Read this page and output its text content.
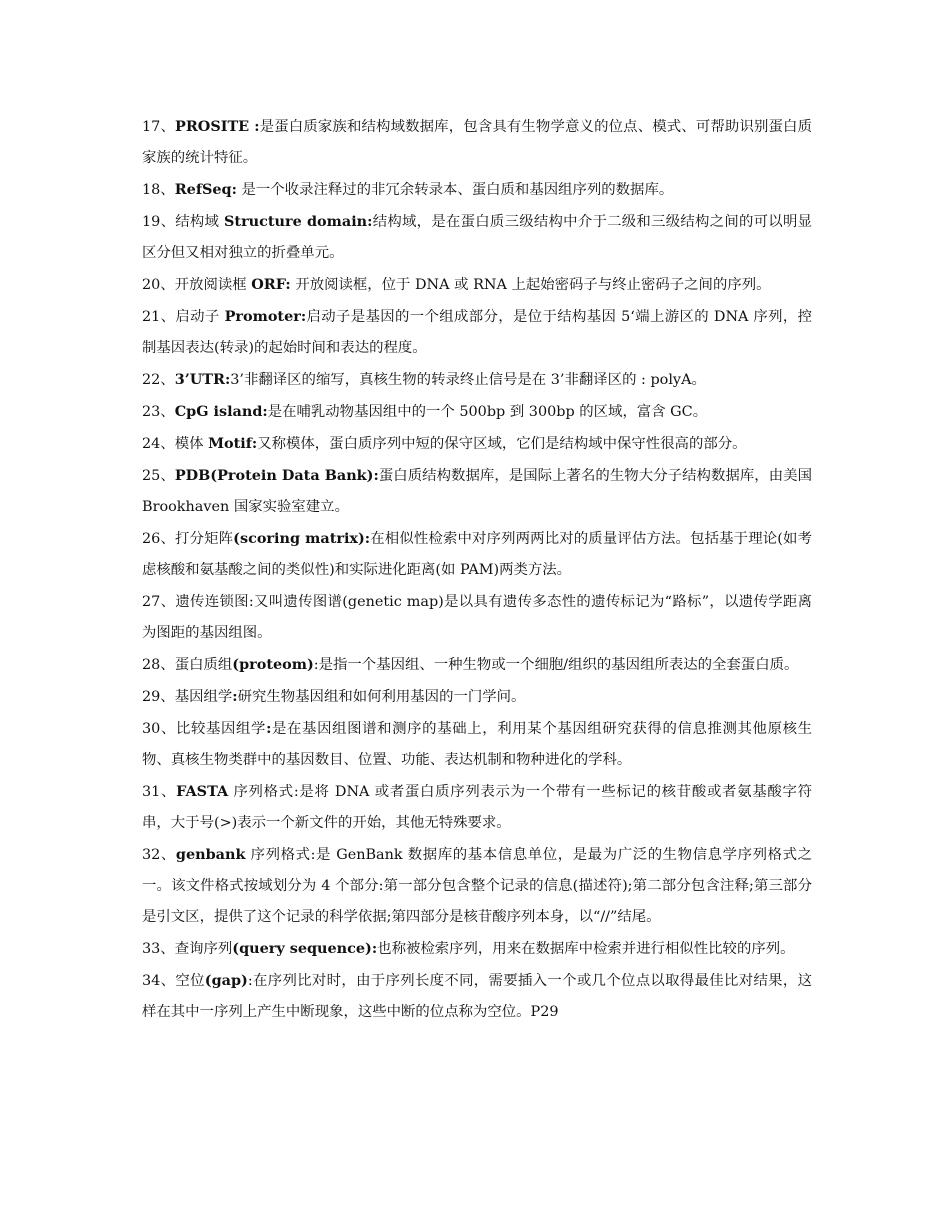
17、PROSITE :是蛋白质家族和结构域数据库，包含具有生物学意义的位点、模式、可帮助识别蛋白质家族的统计特征。

18、RefSeq: 是一个收录注释过的非冗余转录本、蛋白质和基因组序列的数据库。

19、结构域 Structure domain:结构域，是在蛋白质三级结构中介于二级和三级结构之间的可以明显区分但又相对独立的折叠单元。

20、开放阅读框 ORF: 开放阅读框，位于 DNA 或 RNA 上起始密码子与终止密码子之间的序列。

21、启动子 Promoter:启动子是基因的一个组成部分，是位于结构基因 5‘端上游区的 DNA 序列，控制基因表达(转录)的起始时间和表达的程度。

22、3’UTR:3’非翻译区的缩写，真核生物的转录终止信号是在 3’非翻译区的 : polyA。

23、CpG island:是在哺乳动物基因组中的一个 500bp 到 300bp 的区域，富含 GC。

24、模体 Motif:又称模体，蛋白质序列中短的保守区域，它们是结构域中保守性很高的部分。

25、PDB(Protein Data Bank):蛋白质结构数据库，是国际上著名的生物大分子结构数据库，由美国 Brookhaven 国家实验室建立。

26、打分矩阵(scoring matrix):在相似性检索中对序列两两比对的质量评估方法。包括基于理论(如考虑核酸和氨基酸之间的类似性)和实际进化距离(如 PAM)两类方法。

27、遗传连锁图:又叫遗传图谱(genetic map)是以具有遗传多态性的遗传标记为“路标”，以遗传学距离为图距的基因组图。

28、蛋白质组(proteom):是指一个基因组、一种生物或一个细胞/组织的基因组所表达的全套蛋白质。

29、基因组学:研究生物基因组和如何利用基因的一门学问。

30、比较基因组学:是在基因组图谱和测序的基础上，利用某个基因组研究获得的信息推测其他原核生物、真核生物类群中的基因数目、位置、功能、表达机制和物种进化的学科。

31、FASTA 序列格式:是将 DNA 或者蛋白质序列表示为一个带有一些标记的核苷酸或者氨基酸字符串，大于号(>)表示一个新文件的开始，其他无特殊要求。

32、genbank 序列格式:是 GenBank 数据库的基本信息单位，是最为广泛的生物信息学序列格式之一。该文件格式按域划分为 4 个部分:第一部分包含整个记录的信息(描述符);第二部分包含注释;第三部分是引文区，提供了这个记录的科学依据;第四部分是核苷酸序列本身，以“//”结尾。

33、查询序列(query sequence):也称被检索序列，用来在数据库中检索并进行相似性比较的序列。

34、空位(gap):在序列比对时，由于序列长度不同，需要插入一个或几个位点以取得最佳比对结果，这样在其中一序列上产生中断现象，这些中断的位点称为空位。P29
